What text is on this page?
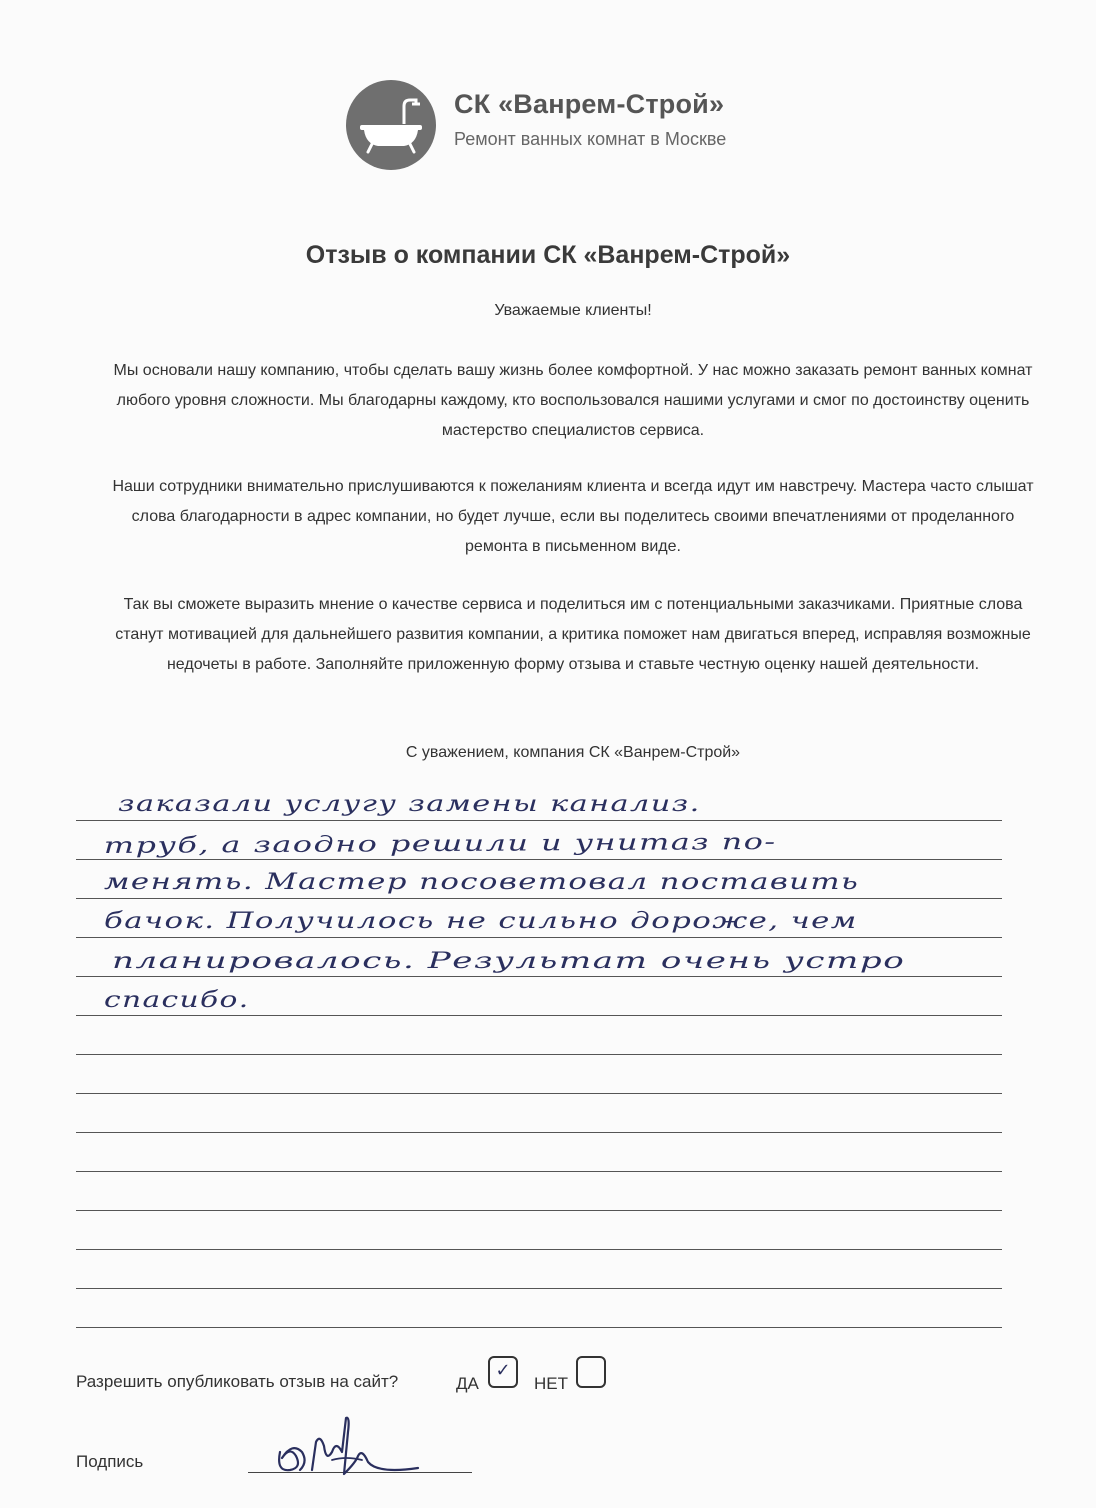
СК «Ванрем-Строй»
Ремонт ванных комнат в Москве
Отзыв о компании СК «Ванрем-Строй»
Уважаемые клиенты!
Мы основали нашу компанию, чтобы сделать вашу жизнь более комфортной. У нас можно заказать ремонт ванных комнат любого уровня сложности. Мы благодарны каждому, кто воспользовался нашими услугами и смог по достоинству оценить мастерство специалистов сервиса.
Наши сотрудники внимательно прислушиваются к пожеланиям клиента и всегда идут им навстречу. Мастера часто слышат слова благодарности в адрес компании, но будет лучше, если вы поделитесь своими впечатлениями от проделанного ремонта в письменном виде.
Так вы сможете выразить мнение о качестве сервиса и поделиться им с потенциальными заказчиками. Приятные слова станут мотивацией для дальнейшего развития компании, а критика поможет нам двигаться вперед, исправляя возможные недочеты в работе. Заполняйте приложенную форму отзыва и ставьте честную оценку нашей деятельности.
С уважением, компания СК «Ванрем-Строй»
заказали услугу замены канализ.
труб, а заодно решили и унитаз по-
менять. Мастер посоветовал поставить
бачок. Получилось не сильно дороже, чем
планировалось. Результат очень устро
спасибо.
Разрешить опубликовать отзыв на сайт?	ДА
✓
НЕТ
Подпись
